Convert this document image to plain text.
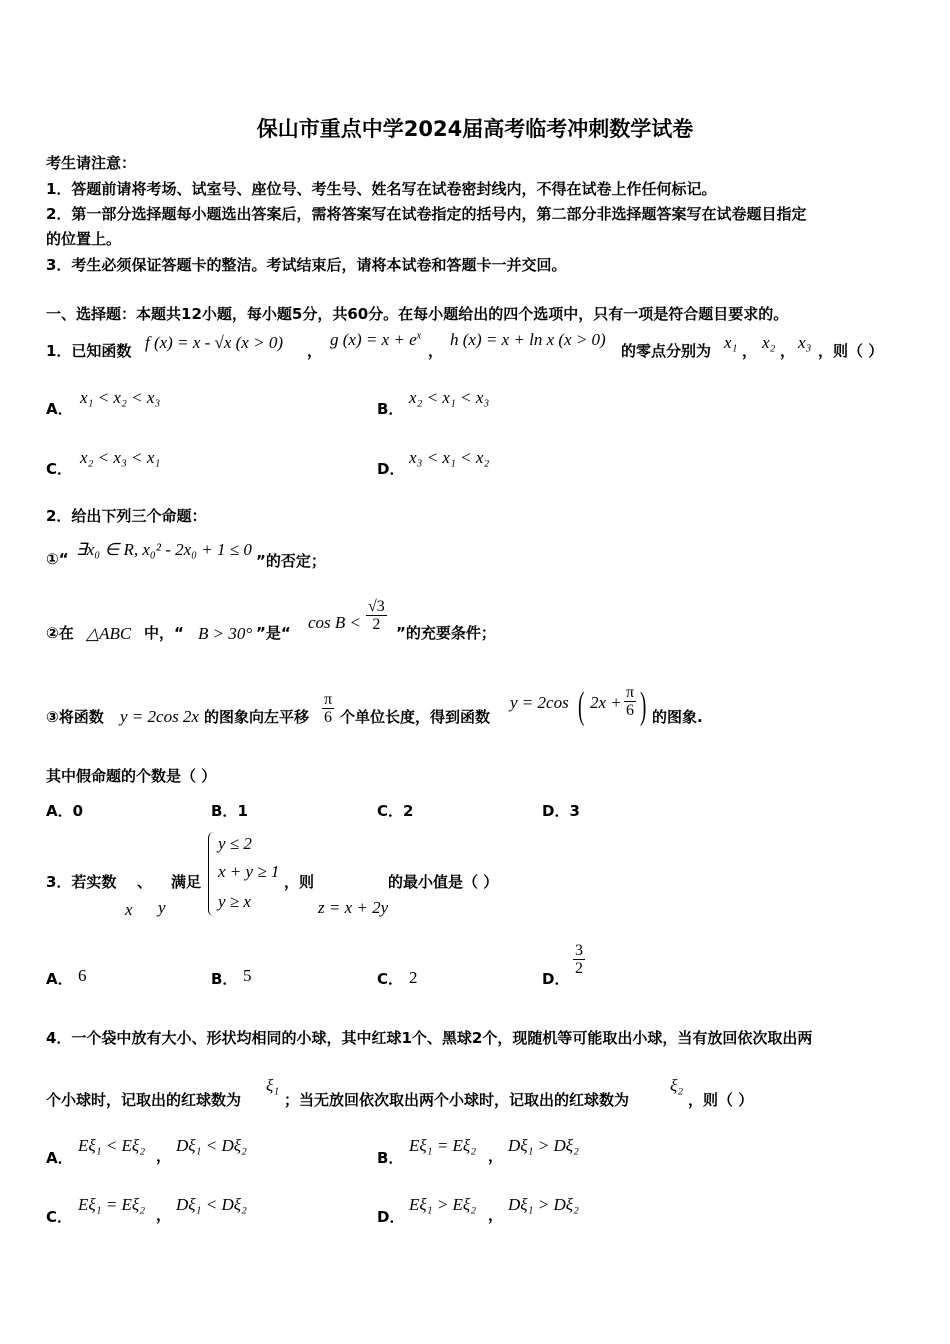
保山市重点中学2024届高考临考冲刺数学试卷
考生请注意：
1．答题前请将考场、试室号、座位号、考生号、姓名写在试卷密封线内，不得在试卷上作任何标记。
2．第一部分选择题每小题选出答案后，需将答案写在试卷指定的括号内，第二部分非选择题答案写在试卷题目指定
的位置上。
3．考生必须保证答题卡的整洁。考试结束后，请将本试卷和答题卡一并交回。
一、选择题：本题共12小题，每小题5分，共60分。在每小题给出的四个选项中，只有一项是符合题目要求的。
1．已知函数 f (x) = x - √x (x > 0) ，
g $(x) = x + e^x$
，
h (x) = x + ln x (x > 0)
的零点分别为 x₁ ， x₂ ， x₃ ，则（ ）
A．
x₁ < x₂ < x₃
B．
x₂ < x₁ < x₃
C．
x₂ < x₃ < x₁
D．
x₃ < x₁ < x₂
2．给出下列三个命题：
①“ ∃x₀ ∈ R, x₀² - 2x₀ + 1 ≤ 0
”的否定；
②在 △ABC 中，“ B > 30° ”是“
$\cos B < \frac{√3}{2}$ ”的充要条件；
③将函数 y = 2cos 2x 的图象向左平移 $\frac{\pi}{6}$ 个单位长度，得到函数
y = 2cos ( $2x + \frac{\pi}{6}$ ) 的图象.
其中假命题的个数是（ ）
A．0	B．1	C．2	D．3
3．若实数 、 满足
x y
y ≤ 2
x + y ≥ 1
y ≥ x
，则
z = x + 2y
的最小值是（ ）
A． 6	B． 5	C． 2	D．
$\frac{3}{2}$
4．一个袋中放有大小、形状均相同的小球，其中红球1个、黑球2个，现随机等可能取出小球，当有放回依次取出两
个小球时，记取出的红球数为
ξ₁
；当无放回依次取出两个小球时，记取出的红球数为
ξ₂
，则（ ）
A．
Eξ₁ < Eξ₂
，
Dξ₁ < Dξ₂
B．
Eξ₁ = Eξ₂
，
Dξ₁ > Dξ₂
C．
Eξ₁ = Eξ₂
，
Dξ₁ < Dξ₂
D．
Eξ₁ > Eξ₂
，
Dξ₁ > Dξ₂
